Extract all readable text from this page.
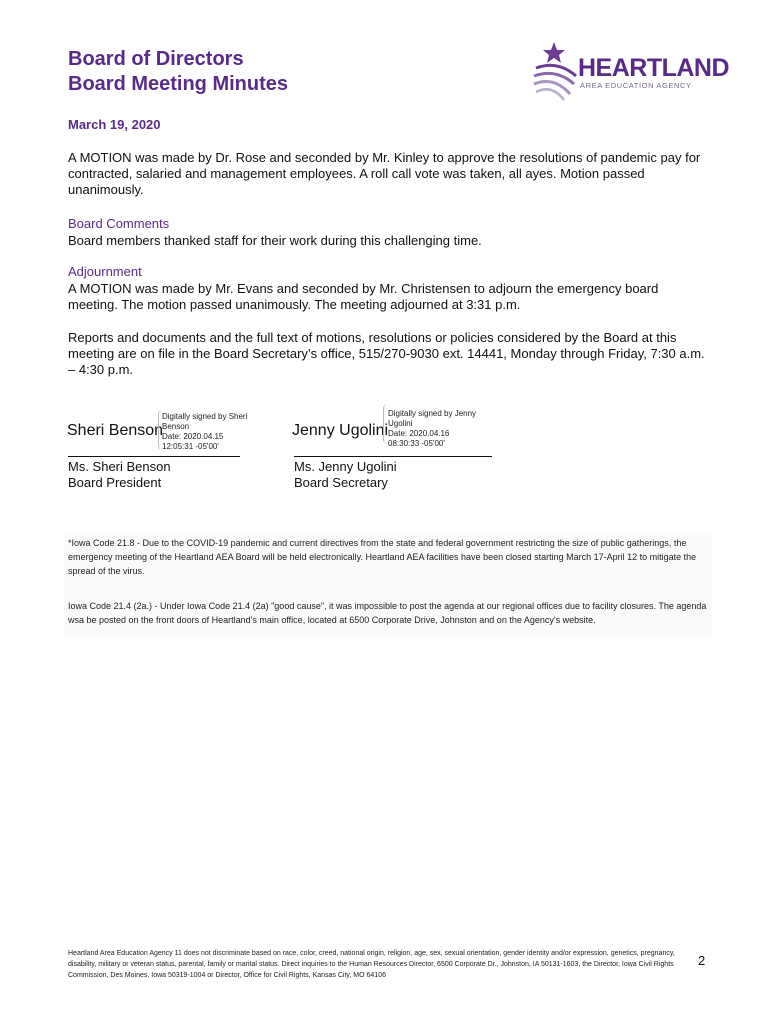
Board of Directors
Board Meeting Minutes
HEARTLAND
AREA EDUCATION AGENCY
March 19, 2020
A MOTION was made by Dr. Rose and seconded by Mr. Kinley to approve the resolutions of pandemic pay for contracted, salaried and management employees. A roll call vote was taken, all ayes. Motion passed unanimously.
Board Comments
Board members thanked staff for their work during this challenging time.
Adjournment
A MOTION was made by Mr. Evans and seconded by Mr. Christensen to adjourn the emergency board meeting. The motion passed unanimously. The meeting adjourned at 3:31 p.m.
Reports and documents and the full text of motions, resolutions or policies considered by the Board at this meeting are on file in the Board Secretary’s office, 515/270-9030 ext. 14441, Monday through Friday, 7:30 a.m. – 4:30 p.m.
Sheri Benson
Digitally signed by Sheri
Benson
Date: 2020.04.15
12:05:31 -05'00'
Ms. Sheri Benson
Board President
Jenny Ugolini
Digitally signed by Jenny
Ugolini
Date: 2020.04.16
08:30:33 -05'00'
Ms. Jenny Ugolini
Board Secretary
*Iowa Code 21.8 - Due to the COVID-19 pandemic and current directives from the state and federal government restricting the size of public gatherings, the emergency meeting of the Heartland AEA Board will be held electronically. Heartland AEA facilities have been closed starting March 17-April 12 to mitigate the spread of the virus.
Iowa Code 21.4 (2a.) - Under Iowa Code 21.4 (2a) "good cause", it was impossible to post the agenda at our regional offices due to facility closures. The agenda wsa be posted on the front doors of Heartland's main office, located at 6500 Corporate Drive, Johnston and on the Agency's website.
Heartland Area Education Agency 11 does not discriminate based on race, color, creed, national origin, religion, age, sex, sexual orientation, gender identity and/or expression, genetics, pregnancy, disability, military or veteran status, parental, family or marital status. Direct inquiries to the Human Resources Director, 6500 Corporate Dr., Johnston, IA 50131-1603, the Director, Iowa Civil Rights Commission, Des Moines, Iowa 50319-1004 or Director, Office for Civil Rights, Kansas City, MO 64106
2
